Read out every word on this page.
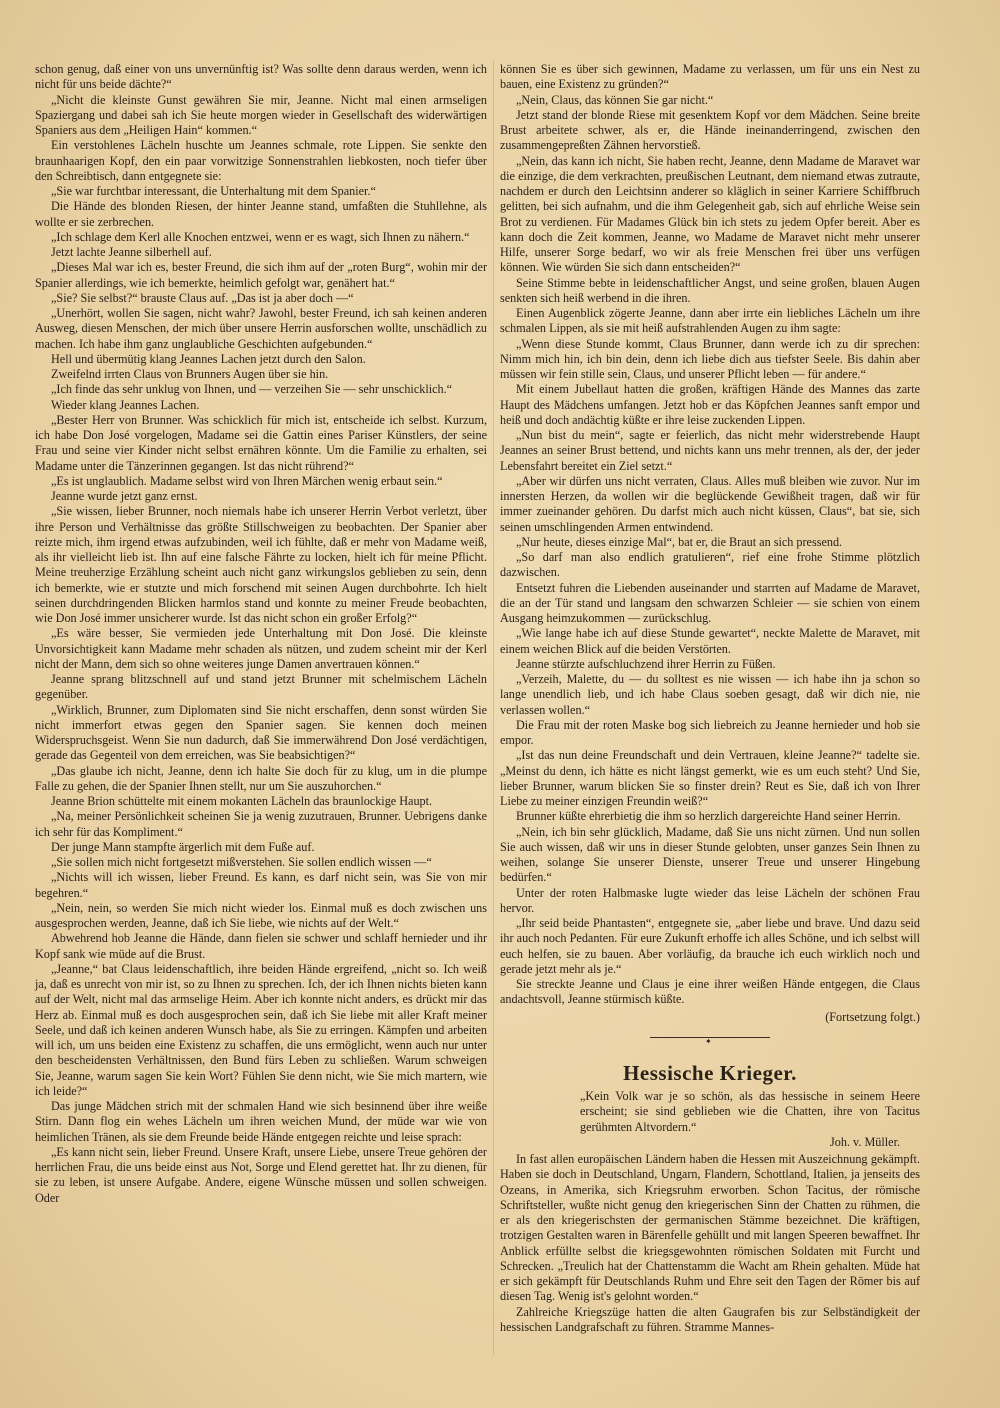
schon genug, daß einer von uns unvernünftig ist? Was sollte denn daraus werden, wenn ich nicht für uns beide dächte?“

„Nicht die kleinste Gunst gewähren Sie mir, Jeanne. Nicht mal einen armseligen Spaziergang und dabei sah ich Sie heute morgen wieder in Gesellschaft des widerwärtigen Spaniers aus dem „Heiligen Hain“ kommen.“

Ein verstohlenes Lächeln huschte um Jeannes schmale, rote Lippen. Sie senkte den braunhaarigen Kopf, den ein paar vorwitzige Sonnenstrahlen liebkosten, noch tiefer über den Schreibtisch, dann entgegnete sie:

„Sie war furchtbar interessant, die Unterhaltung mit dem Spanier.“

Die Hände des blonden Riesen, der hinter Jeanne stand, umfaßten die Stuhllehne, als wollte er sie zerbrechen.

„Ich schlage dem Kerl alle Knochen entzwei, wenn er es wagt, sich Ihnen zu nähern.“

Jetzt lachte Jeanne silberhell auf.

„Dieses Mal war ich es, bester Freund, die sich ihm auf der „roten Burg“, wohin mir der Spanier allerdings, wie ich bemerkte, heimlich gefolgt war, genähert hat.“

„Sie? Sie selbst?“ brauste Claus auf. „Das ist ja aber doch —“

„Unerhört, wollen Sie sagen, nicht wahr? Jawohl, bester Freund, ich sah keinen anderen Ausweg, diesen Menschen, der mich über unsere Herrin ausforschen wollte, unschädlich zu machen. Ich habe ihm ganz unglaubliche Geschichten aufgebunden.“

Hell und übermütig klang Jeannes Lachen jetzt durch den Salon.

Zweifelnd irrten Claus von Brunners Augen über sie hin.

„Ich finde das sehr unklug von Ihnen, und — verzeihen Sie — sehr unschicklich.“

Wieder klang Jeannes Lachen.

„Bester Herr von Brunner. Was schicklich für mich ist, entscheide ich selbst. Kurzum, ich habe Don José vorgelogen, Madame sei die Gattin eines Pariser Künstlers, der seine Frau und seine vier Kinder nicht selbst ernähren könnte. Um die Familie zu erhalten, sei Madame unter die Tänzerinnen gegangen. Ist das nicht rührend?“

„Es ist unglaublich. Madame selbst wird von Ihren Märchen wenig erbaut sein.“

Jeanne wurde jetzt ganz ernst.

„Sie wissen, lieber Brunner, noch niemals habe ich unserer Herrin Verbot verletzt, über ihre Person und Verhältnisse das größte Stillschweigen zu beobachten. Der Spanier aber reizte mich, ihm irgend etwas aufzubinden, weil ich fühlte, daß er mehr von Madame weiß, als ihr vielleicht lieb ist. Ihn auf eine falsche Fährte zu locken, hielt ich für meine Pflicht. Meine treuherzige Erzählung scheint auch nicht ganz wirkungslos geblieben zu sein, denn ich bemerkte, wie er stutzte und mich forschend mit seinen Augen durchbohrte. Ich hielt seinen durchdringenden Blicken harmlos stand und konnte zu meiner Freude beobachten, wie Don José immer unsicherer wurde. Ist das nicht schon ein großer Erfolg?“

„Es wäre besser, Sie vermieden jede Unterhaltung mit Don José. Die kleinste Unvorsichtigkeit kann Madame mehr schaden als nützen, und zudem scheint mir der Kerl nicht der Mann, dem sich so ohne weiteres junge Damen anvertrauen können.“

Jeanne sprang blitzschnell auf und stand jetzt Brunner mit schelmischem Lächeln gegenüber.

„Wirklich, Brunner, zum Diplomaten sind Sie nicht erschaffen, denn sonst würden Sie nicht immerfort etwas gegen den Spanier sagen. Sie kennen doch meinen Widerspruchsgeist. Wenn Sie nun dadurch, daß Sie immerwährend Don José verdächtigen, gerade das Gegenteil von dem erreichen, was Sie beabsichtigen?“

„Das glaube ich nicht, Jeanne, denn ich halte Sie doch für zu klug, um in die plumpe Falle zu gehen, die der Spanier Ihnen stellt, nur um Sie auszuhorchen.“

Jeanne Brion schüttelte mit einem mokanten Lächeln das braunlockige Haupt.

„Na, meiner Persönlichkeit scheinen Sie ja wenig zuzutrauen, Brunner. Uebrigens danke ich sehr für das Kompliment.“

Der junge Mann stampfte ärgerlich mit dem Fuße auf.

„Sie sollen mich nicht fortgesetzt mißverstehen. Sie sollen endlich wissen —“

„Nichts will ich wissen, lieber Freund. Es kann, es darf nicht sein, was Sie von mir begehren.“

„Nein, nein, so werden Sie mich nicht wieder los. Einmal muß es doch zwischen uns ausgesprochen werden, Jeanne, daß ich Sie liebe, wie nichts auf der Welt.“

Abwehrend hob Jeanne die Hände, dann fielen sie schwer und schlaff hernieder und ihr Kopf sank wie müde auf die Brust.

„Jeanne,“ bat Claus leidenschaftlich, ihre beiden Hände ergreifend, „nicht so. Ich weiß ja, daß es unrecht von mir ist, so zu Ihnen zu sprechen. Ich, der ich Ihnen nichts bieten kann auf der Welt, nicht mal das armselige Heim. Aber ich konnte nicht anders, es drückt mir das Herz ab. Einmal muß es doch ausgesprochen sein, daß ich Sie liebe mit aller Kraft meiner Seele, und daß ich keinen anderen Wunsch habe, als Sie zu erringen. Kämpfen und arbeiten will ich, um uns beiden eine Existenz zu schaffen, die uns ermöglicht, wenn auch nur unter den bescheidensten Verhältnissen, den Bund fürs Leben zu schließen. Warum schweigen Sie, Jeanne, warum sagen Sie kein Wort? Fühlen Sie denn nicht, wie Sie mich martern, wie ich leide?“

Das junge Mädchen strich mit der schmalen Hand wie sich besinnend über ihre weiße Stirn. Dann flog ein wehes Lächeln um ihren weichen Mund, der müde war wie von heimlichen Tränen, als sie dem Freunde beide Hände entgegen reichte und leise sprach:

„Es kann nicht sein, lieber Freund. Unsere Kraft, unsere Liebe, unsere Treue gehören der herrlichen Frau, die uns beide einst aus Not, Sorge und Elend gerettet hat. Ihr zu dienen, für sie zu leben, ist unsere Aufgabe. Andere, eigene Wünsche müssen und sollen schweigen. Oder

können Sie es über sich gewinnen, Madame zu verlassen, um für uns ein Nest zu bauen, eine Existenz zu gründen?“

„Nein, Claus, das können Sie gar nicht.“

Jetzt stand der blonde Riese mit gesenktem Kopf vor dem Mädchen. Seine breite Brust arbeitete schwer, als er, die Hände ineinanderringend, zwischen den zusammengepreßten Zähnen hervorstieß.

„Nein, das kann ich nicht, Sie haben recht, Jeanne, denn Madame de Maravet war die einzige, die dem verkrachten, preußischen Leutnant, dem niemand etwas zutraute, nachdem er durch den Leichtsinn anderer so kläglich in seiner Karriere Schiffbruch gelitten, bei sich aufnahm, und die ihm Gelegenheit gab, sich auf ehrliche Weise sein Brot zu verdienen. Für Madames Glück bin ich stets zu jedem Opfer bereit. Aber es kann doch die Zeit kommen, Jeanne, wo Madame de Maravet nicht mehr unserer Hilfe, unserer Sorge bedarf, wo wir als freie Menschen frei über uns verfügen können. Wie würden Sie sich dann entscheiden?“

Seine Stimme bebte in leidenschaftlicher Angst, und seine großen, blauen Augen senkten sich heiß werbend in die ihren.

Einen Augenblick zögerte Jeanne, dann aber irrte ein liebliches Lächeln um ihre schmalen Lippen, als sie mit heiß aufstrahlenden Augen zu ihm sagte:

„Wenn diese Stunde kommt, Claus Brunner, dann werde ich zu dir sprechen: Nimm mich hin, ich bin dein, denn ich liebe dich aus tiefster Seele. Bis dahin aber müssen wir fein stille sein, Claus, und unserer Pflicht leben — für andere.“

Mit einem Jubellaut hatten die großen, kräftigen Hände des Mannes das zarte Haupt des Mädchens umfangen. Jetzt hob er das Köpfchen Jeannes sanft empor und heiß und doch andächtig küßte er ihre leise zuckenden Lippen.

„Nun bist du mein“, sagte er feierlich, das nicht mehr widerstrebende Haupt Jeannes an seiner Brust bettend, und nichts kann uns mehr trennen, als der, der jeder Lebensfahrt bereitet ein Ziel setzt.“

„Aber wir dürfen uns nicht verraten, Claus. Alles muß bleiben wie zuvor. Nur im innersten Herzen, da wollen wir die beglückende Gewißheit tragen, daß wir für immer zueinander gehören. Du darfst mich auch nicht küssen, Claus“, bat sie, sich seinen umschlingenden Armen entwindend.

„Nur heute, dieses einzige Mal“, bat er, die Braut an sich pressend.

„So darf man also endlich gratulieren“, rief eine frohe Stimme plötzlich dazwischen.

Entsetzt fuhren die Liebenden auseinander und starrten auf Madame de Maravet, die an der Tür stand und langsam den schwarzen Schleier — sie schien von einem Ausgang heimzukommen — zurückschlug.

„Wie lange habe ich auf diese Stunde gewartet“, neckte Malette de Maravet, mit einem weichen Blick auf die beiden Verstörten.

Jeanne stürzte aufschluchzend ihrer Herrin zu Füßen.

„Verzeih, Malette, du — du solltest es nie wissen — ich habe ihn ja schon so lange unendlich lieb, und ich habe Claus soeben gesagt, daß wir dich nie, nie verlassen wollen.“

Die Frau mit der roten Maske bog sich liebreich zu Jeanne hernieder und hob sie empor.

„Ist das nun deine Freundschaft und dein Vertrauen, kleine Jeanne?“ tadelte sie. „Meinst du denn, ich hätte es nicht längst gemerkt, wie es um euch steht? Und Sie, lieber Brunner, warum blicken Sie so finster drein? Reut es Sie, daß ich von Ihrer Liebe zu meiner einzigen Freundin weiß?“

Brunner küßte ehrerbietig die ihm so herzlich dargereichte Hand seiner Herrin.

„Nein, ich bin sehr glücklich, Madame, daß Sie uns nicht zürnen. Und nun sollen Sie auch wissen, daß wir uns in dieser Stunde gelobten, unser ganzes Sein Ihnen zu weihen, solange Sie unserer Dienste, unserer Treue und unserer Hingebung bedürfen.“

Unter der roten Halbmaske lugte wieder das leise Lächeln der schönen Frau hervor.

„Ihr seid beide Phantasten“, entgegnete sie, „aber liebe und brave. Und dazu seid ihr auch noch Pedanten. Für eure Zukunft erhoffe ich alles Schöne, und ich selbst will euch helfen, sie zu bauen. Aber vorläufig, da brauche ich euch wirklich noch und gerade jetzt mehr als je.“

Sie streckte Jeanne und Claus je eine ihrer weißen Hände entgegen, die Claus andachtsvoll, Jeanne stürmisch küßte.

(Fortsetzung folgt.)
✦
Hessische Krieger.
„Kein Volk war je so schön, als das hessische in seinem Heere erscheint; sie sind geblieben wie die Chatten, ihre von Tacitus gerühmten Altvordern.“
Joh. v. Müller.

In fast allen europäischen Ländern haben die Hessen mit Auszeichnung gekämpft. Haben sie doch in Deutschland, Ungarn, Flandern, Schottland, Italien, ja jenseits des Ozeans, in Amerika, sich Kriegsruhm erworben. Schon Tacitus, der römische Schriftsteller, wußte nicht genug den kriegerischen Sinn der Chatten zu rühmen, die er als den kriegerischsten der germanischen Stämme bezeichnet. Die kräftigen, trotzigen Gestalten waren in Bärenfelle gehüllt und mit langen Speeren bewaffnet. Ihr Anblick erfüllte selbst die kriegsgewohnten römischen Soldaten mit Furcht und Schrecken. „Treulich hat der Chattenstamm die Wacht am Rhein gehalten. Müde hat er sich gekämpft für Deutschlands Ruhm und Ehre seit den Tagen der Römer bis auf diesen Tag. Wenig ist's gelohnt worden.“

Zahlreiche Kriegszüge hatten die alten Gaugrafen bis zur Selbständigkeit der hessischen Landgrafschaft zu führen. Stramme Mannes-
